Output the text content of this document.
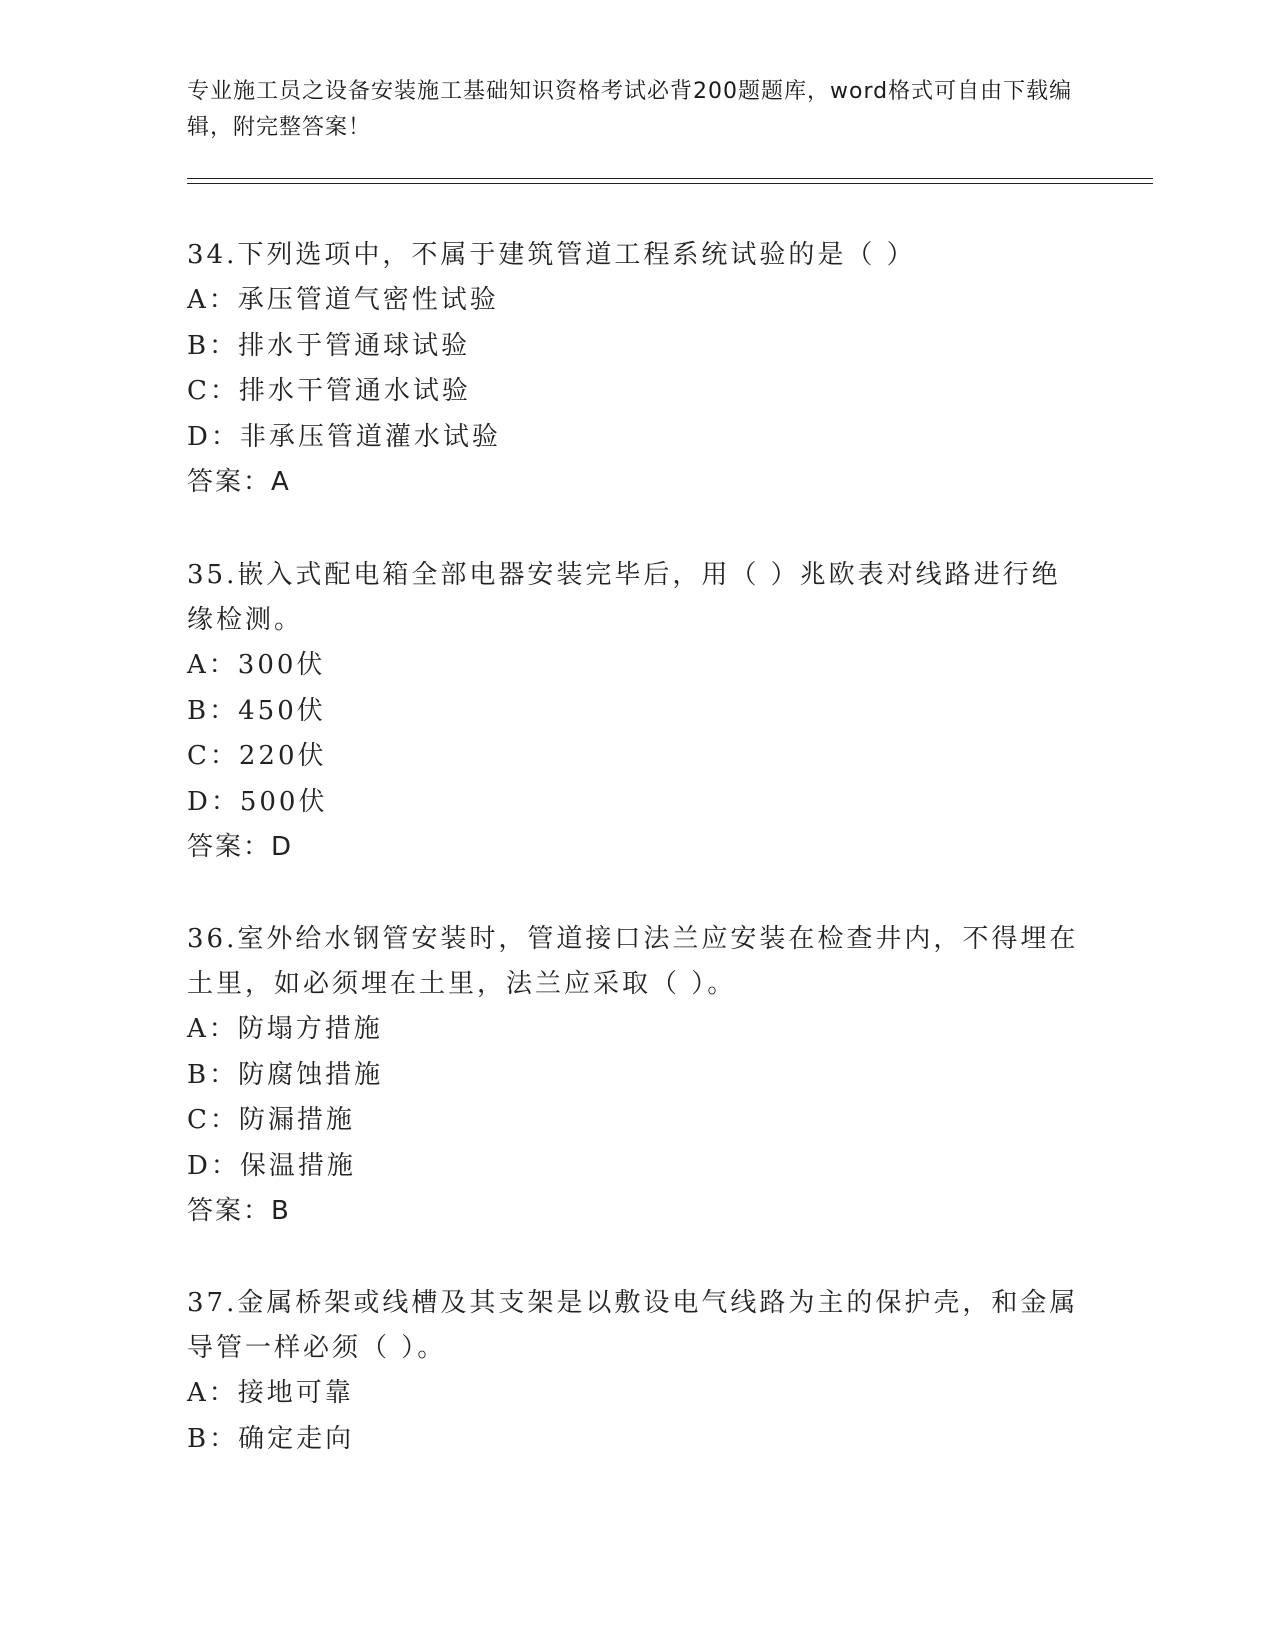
专业施工员之设备安装施工基础知识资格考试必背200题题库，word格式可自由下载编辑，附完整答案！
34.下列选项中，不属于建筑管道工程系统试验的是（ ）
A：承压管道气密性试验
B：排水于管通球试验
C：排水干管通水试验
D：非承压管道灌水试验
答案：A
35.嵌入式配电箱全部电器安装完毕后，用（ ）兆欧表对线路进行绝缘检测。
A：300伏
B：450伏
C：220伏
D：500伏
答案：D
36.室外给水钢管安装时，管道接口法兰应安装在检查井内，不得埋在土里，如必须埋在土里，法兰应采取（ ）。
A：防塌方措施
B：防腐蚀措施
C：防漏措施
D：保温措施
答案：B
37.金属桥架或线槽及其支架是以敷设电气线路为主的保护壳，和金属导管一样必须（ ）。
A：接地可靠
B：确定走向
